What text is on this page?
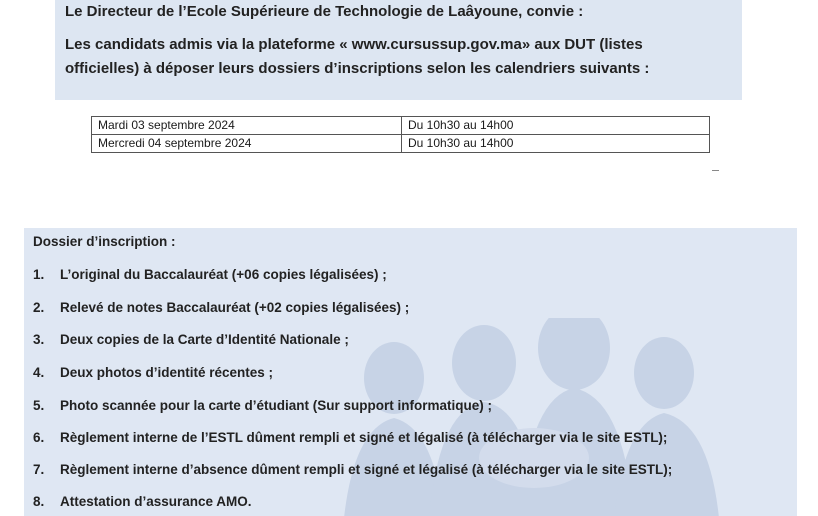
Le Directeur de l’Ecole Supérieure de Technologie de Laâyoune, convie :
Les candidats admis via la plateforme « www.cursussup.gov.ma» aux DUT (listes
officielles) à déposer leurs dossiers d’inscriptions selon les calendriers suivants :
Mardi 03 septembre 2024	Du 10h30 au 14h00
Mercredi 04 septembre 2024	Du 10h30 au 14h00
Dossier d’inscription :
1. L’original du Baccalauréat (+06 copies légalisées) ;
2. Relevé de notes Baccalauréat (+02 copies légalisées) ;
3. Deux copies de la Carte d’Identité Nationale ;
4. Deux photos d’identité récentes ;
5. Photo scannée pour la carte d’étudiant (Sur support informatique) ;
6. Règlement interne de l’ESTL dûment rempli et signé et légalisé (à télécharger via le site ESTL);
7. Règlement interne d’absence dûment rempli et signé et légalisé (à télécharger via le site ESTL);
8. Attestation d’assurance AMO.
